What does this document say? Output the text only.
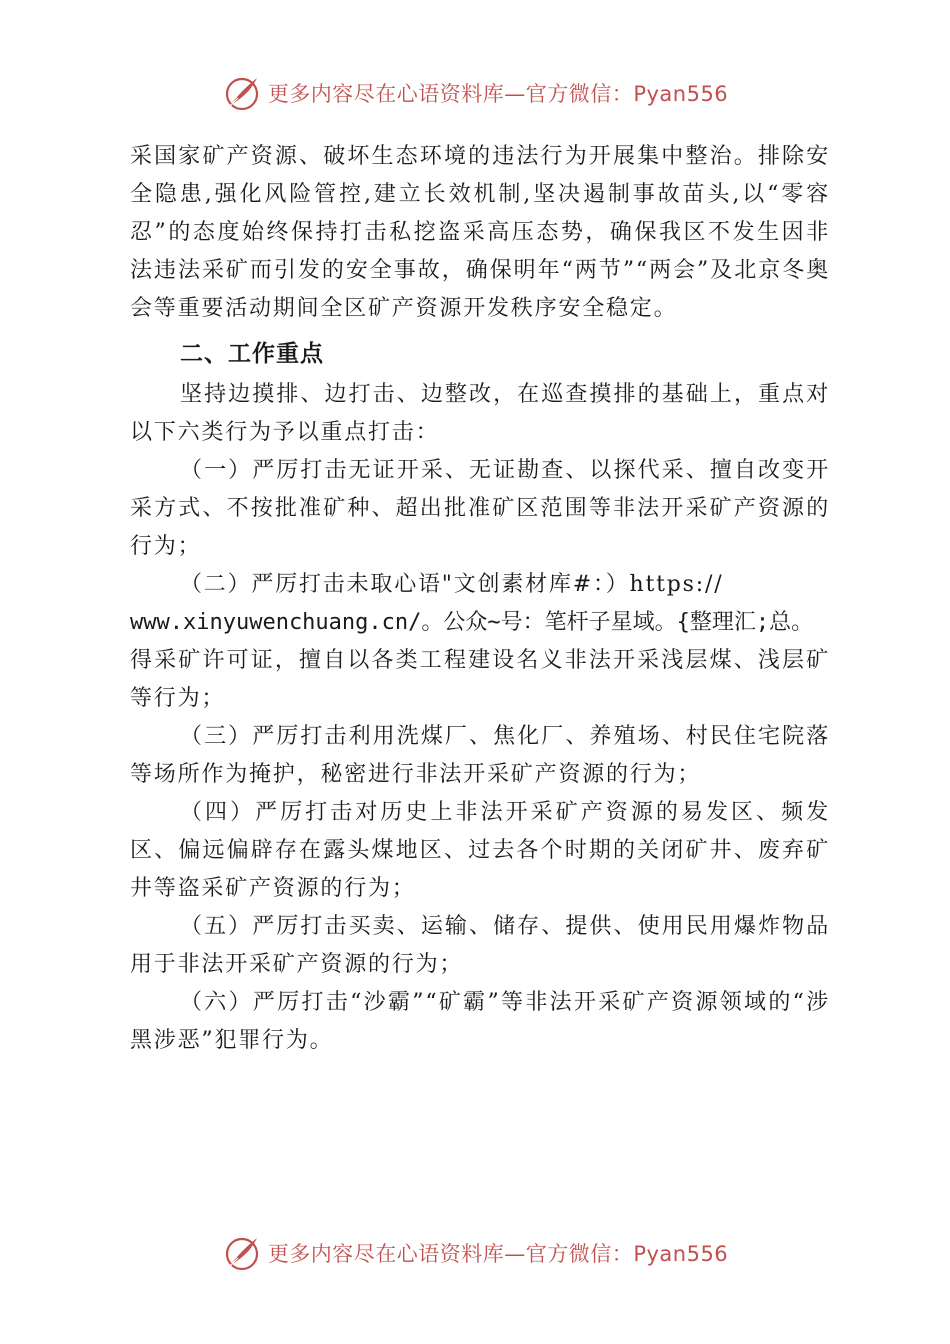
更多内容尽在心语资料库—官方微信：Pyan556

采国家矿产资源、破坏生态环境的违法行为开展集中整治。排除安全隐患,强化风险管控,建立长效机制,坚决遏制事故苗头,以“零容忍”的态度始终保持打击私挖盗采高压态势，确保我区不发生因非法违法采矿而引发的安全事故，确保明年“两节”“两会”及北京冬奥会等重要活动期间全区矿产资源开发秩序安全稳定。

二、工作重点

坚持边摸排、边打击、边整改，在巡查摸排的基础上，重点对以下六类行为予以重点打击：

（一）严厉打击无证开采、无证勘查、以探代采、擅自改变开采方式、不按批准矿种、超出批准矿区范围等非法开采矿产资源的行为；

（二）严厉打击未取心语"文创素材库#：）https://

www.xinyuwenchuang.cn/。公众~号：笔杆子星域。{整理汇;总。

得采矿许可证，擅自以各类工程建设名义非法开采浅层煤、浅层矿等行为；

（三）严厉打击利用洗煤厂、焦化厂、养殖场、村民住宅院落等场所作为掩护，秘密进行非法开采矿产资源的行为；

（四）严厉打击对历史上非法开采矿产资源的易发区、频发区、偏远偏辟存在露头煤地区、过去各个时期的关闭矿井、废弃矿井等盗采矿产资源的行为；

（五）严厉打击买卖、运输、储存、提供、使用民用爆炸物品用于非法开采矿产资源的行为；

（六）严厉打击“沙霸”“矿霸”等非法开采矿产资源领域的“涉黑涉恶”犯罪行为。

更多内容尽在心语资料库—官方微信：Pyan556
